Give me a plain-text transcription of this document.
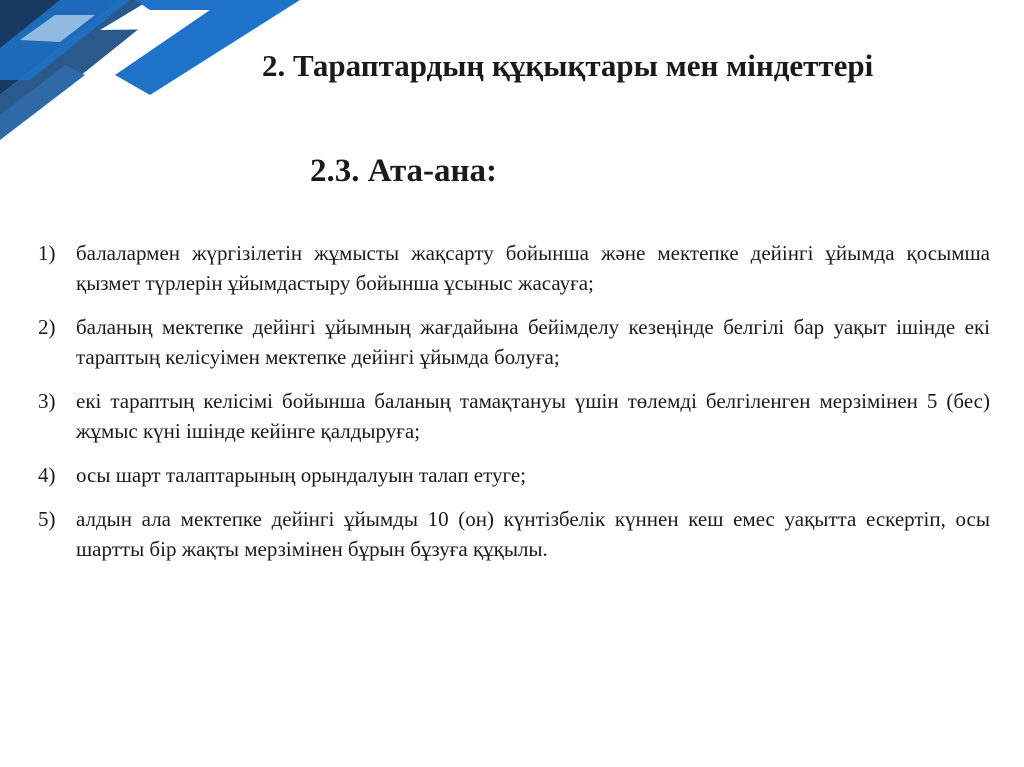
2. Тараптардың құқықтары мен міндеттері
2.3. Ата-ана:
1) балалармен жүргізілетін жұмысты жақсарту бойынша және мектепке дейінгі ұйымда қосымша қызмет түрлерін ұйымдастыру бойынша ұсыныс жасауға;
2) баланың мектепке дейінгі ұйымның жағдайына бейімделу кезеңінде белгілі бар уақыт ішінде екі тараптың келісуімен мектепке дейінгі ұйымда болуға;
3) екі тараптың келісімі бойынша баланың тамақтануы үшін төлемді белгіленген мерзімінен 5 (бес) жұмыс күні ішінде кейінге қалдыруға;
4) осы шарт талаптарының орындалуын талап етуге;
5) алдын ала мектепке дейінгі ұйымды 10 (он) күнтізбелік күннен кеш емес уақытта ескертіп, осы шартты бір жақты мерзімінен бұрын бұзуға құқылы.
